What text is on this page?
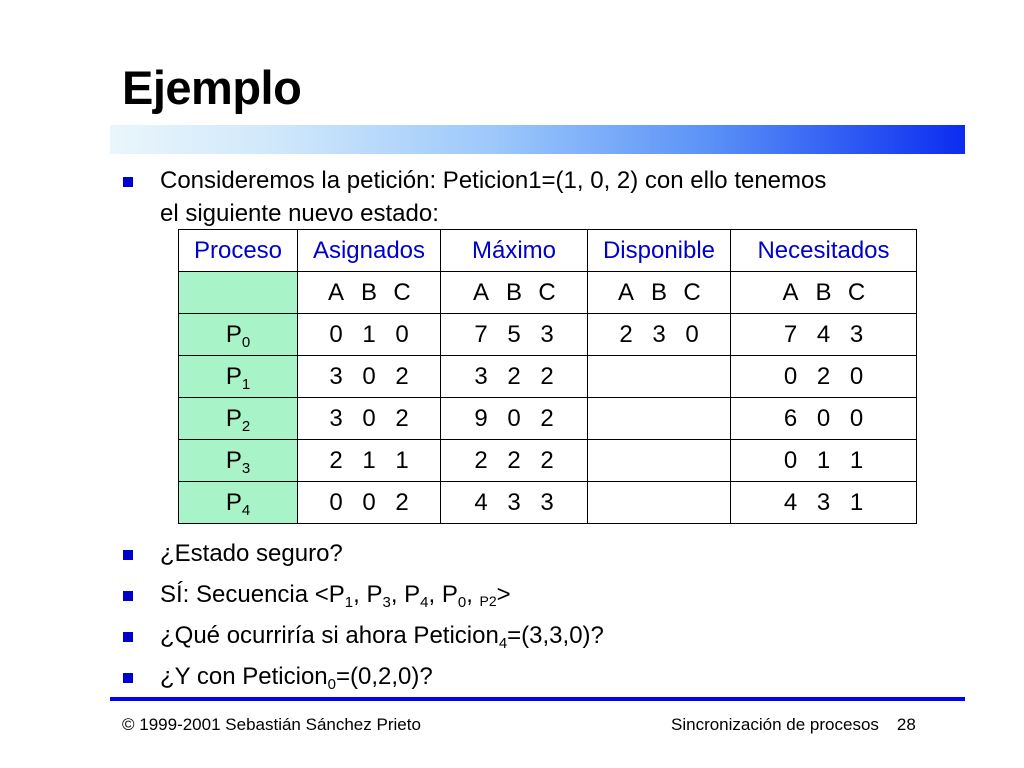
Ejemplo
Consideremos la petición: Peticion1=(1, 0, 2) con ello tenemos
el siguiente nuevo estado:
Proceso	Asignados	Máximo	Disponible	Necesitados

	A B C	A B C	A B C	A B C

$P_0$	0 1 0	7 5 3	2 3 0	7 4 3

$P_1$	3 0 2	3 2 2		0 2 0

$P_2$	3 0 2	9 0 2		6 0 0

$P_3$	2 1 1	2 2 2		0 1 1

$P_4$	0 0 2	4 3 3		4 3 1
¿Estado seguro?
SÍ: Secuencia $<P_1$, $P_3$, $P_4$, $P_0$, $_{P2}$>
¿Qué ocurriría si ahora Peticion$_4$=(3,3,0)?
¿Y con Peticion$_0$=(0,2,0)?
© 1999-2001 Sebastián Sánchez Prieto	Sincronización de procesos 28
